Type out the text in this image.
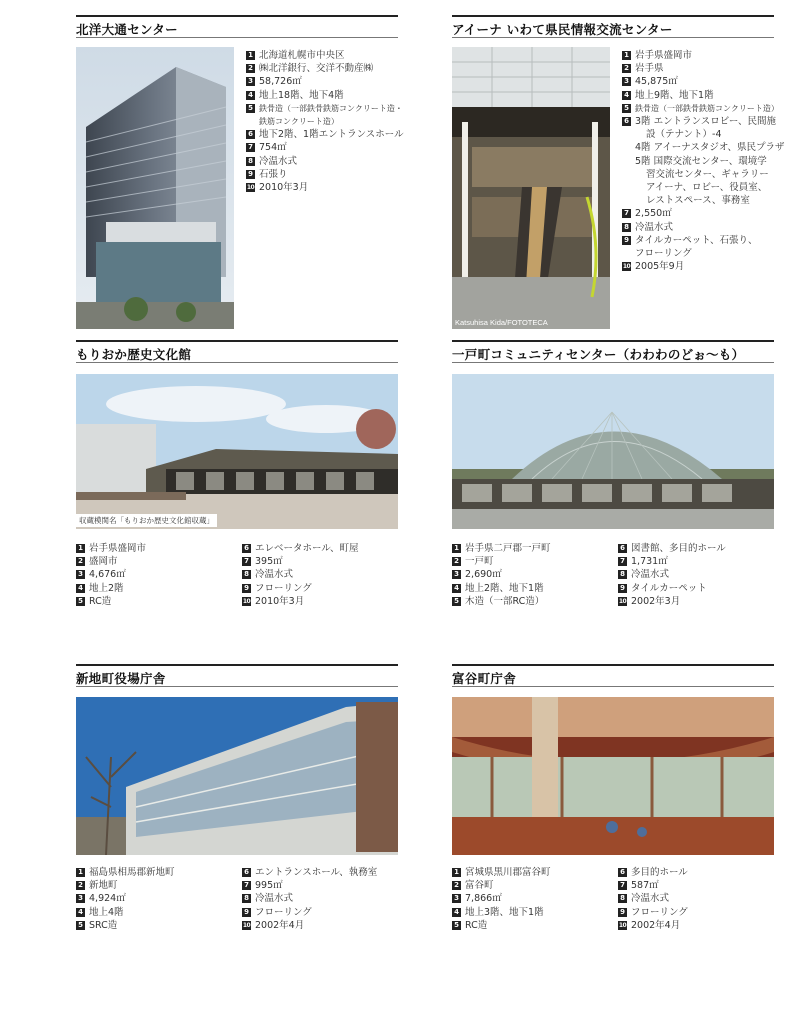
北洋大通センター
1 北海道札幌市中央区
2 ㈱北洋銀行、交洋不動産㈱
3 58,726㎡
4 地上18階、地下4階
5 鉄骨造（一部鉄骨鉄筋コンクリート造・
鉄筋コンクリート造）
6 地下2階、1階エントランスホール
7 754㎡
8 冷温水式
9 石張り
10 2010年3月
アイーナ いわて県民情報交流センター
Katsuhisa Kida/FOTOTECA
1 岩手県盛岡市
2 岩手県
3 45,875㎡
4 地上9階、地下1階
5 鉄骨造（一部鉄骨鉄筋コンクリート造）
6 3階 エントランスロビー、民間施
設（テナント）-4
4階 アイーナスタジオ、県民プラザ
5階 国際交流センター、環境学
習交流センター、ギャラリー
アイーナ、ロビー、役員室、
レストスペース、事務室
7 2,550㎡
8 冷温水式
9 タイルカーペット、石張り、
フローリング
10 2005年9月
もりおか歴史文化館
収蔵模関名「もりおか歴史文化館収蔵」
1 岩手県盛岡市
2 盛岡市
3 4,676㎡
4 地上2階
5 RC造
6 エレベータホール、町屋
7 395㎡
8 冷温水式
9 フローリング
10 2010年3月
一戸町コミュニティセンター（わわわのどぉ～も）
1 岩手県二戸郡一戸町
2 一戸町
3 2,690㎡
4 地上2階、地下1階
5 木造（一部RC造）
6 図書館、多目的ホール
7 1,731㎡
8 冷温水式
9 タイルカーペット
10 2002年3月
新地町役場庁舎
1 福島県相馬郡新地町
2 新地町
3 4,924㎡
4 地上4階
5 SRC造
6 エントランスホール、執務室
7 995㎡
8 冷温水式
9 フローリング
10 2002年4月
富谷町庁舎
1 宮城県黒川郡富谷町
2 富谷町
3 7,866㎡
4 地上3階、地下1階
5 RC造
6 多目的ホール
7 587㎡
8 冷温水式
9 フローリング
10 2002年4月
